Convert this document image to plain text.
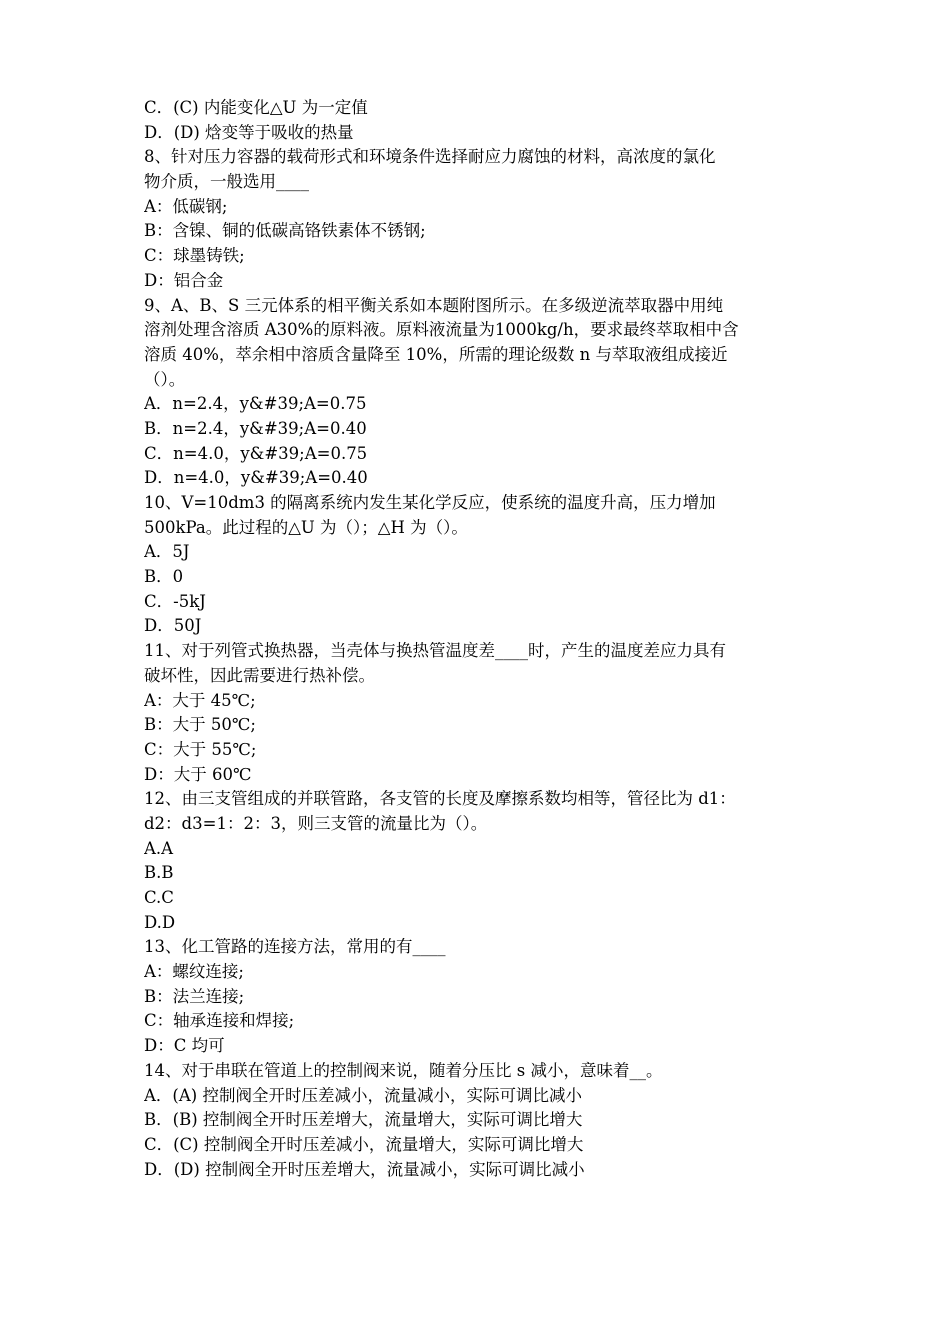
C．(C) 内能变化△U 为一定值
D．(D) 焓变等于吸收的热量
8、针对压力容器的载荷形式和环境条件选择耐应力腐蚀的材料，高浓度的氯化
物介质，一般选用____
A：低碳钢;
B：含镍、铜的低碳高铬铁素体不锈钢;
C：球墨铸铁;
D：铝合金
9、A、B、S 三元体系的相平衡关系如本题附图所示。在多级逆流萃取器中用纯
溶剂处理含溶质 A30%的原料液。原料液流量为1000kg/h，要求最终萃取相中含
溶质 40%，萃余相中溶质含量降至 10%，所需的理论级数 n 与萃取液组成接近
（）。
A．n=2.4，y&#39;A=0.75
B．n=2.4，y&#39;A=0.40
C．n=4.0，y&#39;A=0.75
D．n=4.0，y&#39;A=0.40
10、V=10dm3 的隔离系统内发生某化学反应，使系统的温度升高，压力增加
500kPa。此过程的△U 为（）；△H 为（）。
A．5J
B．0
C．-5kJ
D．50J
11、对于列管式换热器，当壳体与换热管温度差____时，产生的温度差应力具有
破坏性，因此需要进行热补偿。
A：大于 45℃;
B：大于 50℃;
C：大于 55℃;
D：大于 60℃
12、由三支管组成的并联管路，各支管的长度及摩擦系数均相等，管径比为 d1：
d2：d3=1：2：3，则三支管的流量比为（）。
A.A
B.B
C.C
D.D
13、化工管路的连接方法，常用的有____
A：螺纹连接;
B：法兰连接;
C：轴承连接和焊接;
D：C 均可
14、对于串联在管道上的控制阀来说，随着分压比 s 减小，意味着__。
A．(A) 控制阀全开时压差减小，流量减小，实际可调比减小
B．(B) 控制阀全开时压差增大，流量增大，实际可调比增大
C．(C) 控制阀全开时压差减小，流量增大，实际可调比增大
D．(D) 控制阀全开时压差增大，流量减小，实际可调比减小
